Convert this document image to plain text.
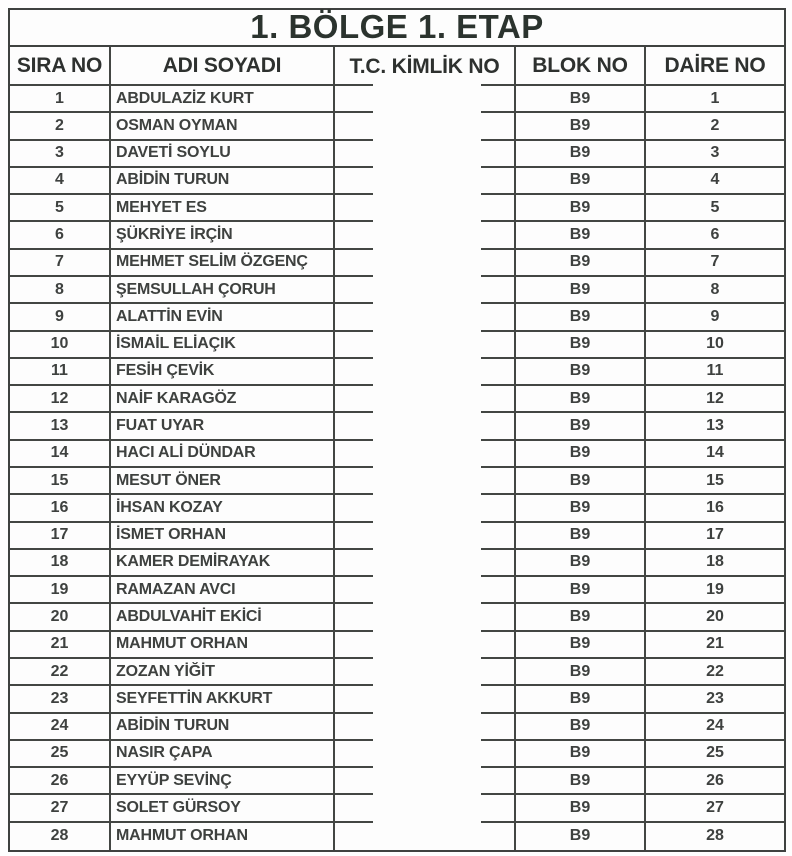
1. BÖLGE 1. ETAP
SIRA NO	ADI SOYADI	T.C. KİMLİK NO	BLOK NO	DAİRE NO
1	ABDULAZİZ KURT	B9	1
2	OSMAN OYMAN	B9	2
3	DAVETİ SOYLU	B9	3
4	ABİDİN TURUN	B9	4
5	MEHYET ES	B9	5
6	ŞÜKRİYE İRÇİN	B9	6
7	MEHMET SELİM ÖZGENÇ	B9	7
8	ŞEMSULLAH ÇORUH	B9	8
9	ALATTİN EVİN	B9	9
10	İSMAİL ELİAÇIK	B9	10
11	FESİH ÇEVİK	B9	11
12	NAİF KARAGÖZ	B9	12
13	FUAT UYAR	B9	13
14	HACI ALİ DÜNDAR	B9	14
15	MESUT ÖNER	B9	15
16	İHSAN KOZAY	B9	16
17	İSMET ORHAN	B9	17
18	KAMER DEMİRAYAK	B9	18
19	RAMAZAN AVCI	B9	19
20	ABDULVAHİT EKİCİ	B9	20
21	MAHMUT ORHAN	B9	21
22	ZOZAN YİĞİT	B9	22
23	SEYFETTİN AKKURT	B9	23
24	ABİDİN TURUN	B9	24
25	NASIR ÇAPA	B9	25
26	EYYÜP SEVİNÇ	B9	26
27	SOLET GÜRSOY	B9	27
28	MAHMUT ORHAN	B9	28
